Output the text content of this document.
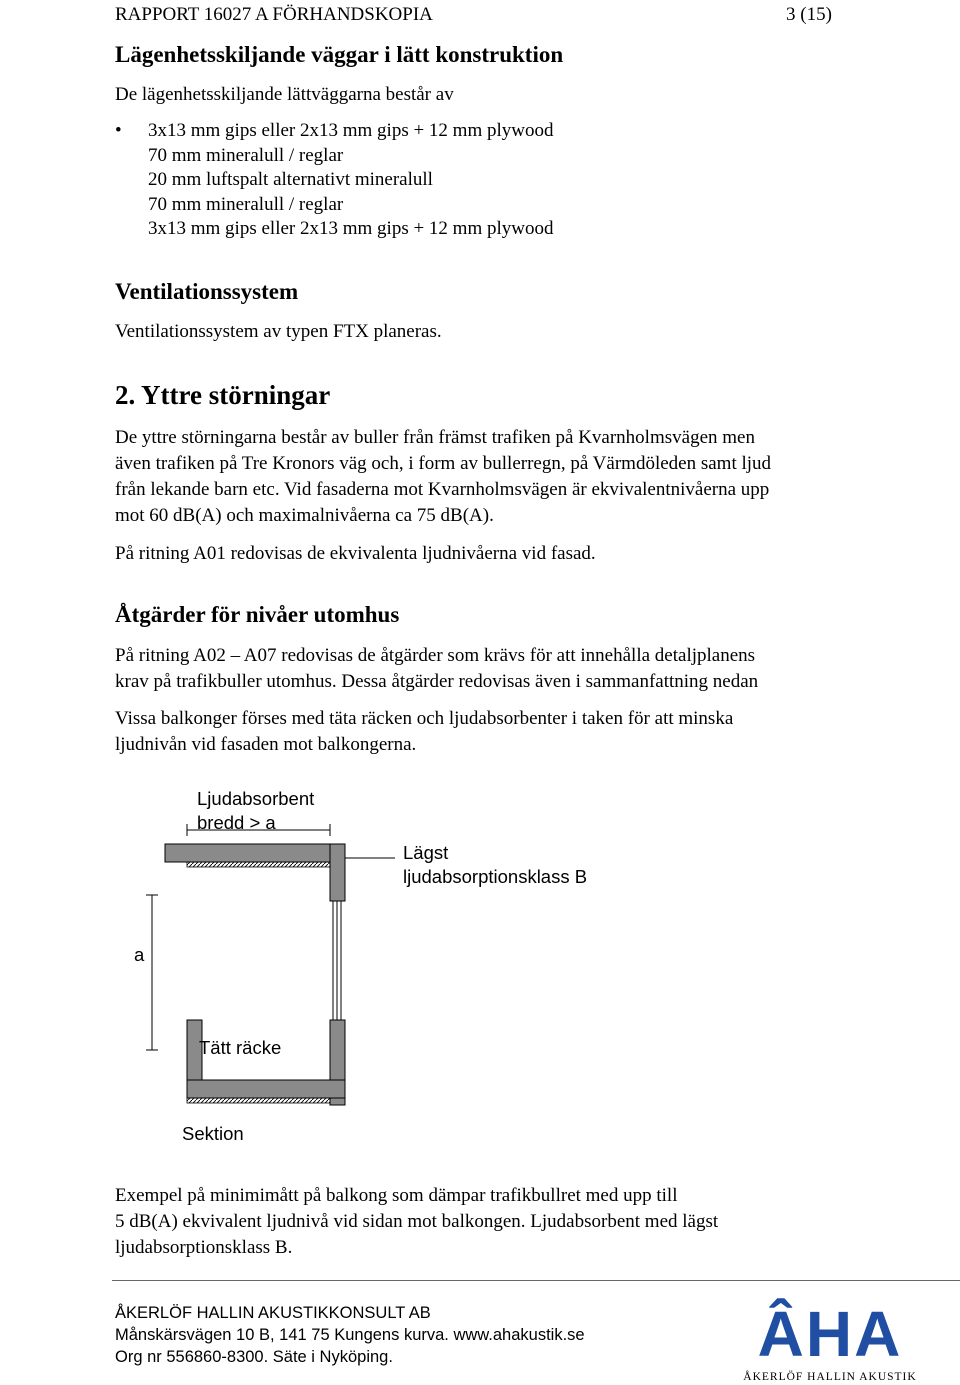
RAPPORT 16027 A FÖRHANDSKOPIA	3 (15)
Lägenhetsskiljande väggar i lätt konstruktion
De lägenhetsskiljande lättväggarna består av
• 3x13 mm gips eller 2x13 mm gips + 12 mm plywood
70 mm mineralull / reglar
20 mm luftspalt alternativt mineralull
70 mm mineralull / reglar
3x13 mm gips eller 2x13 mm gips + 12 mm plywood
Ventilationssystem
Ventilationssystem av typen FTX planeras.
2. Yttre störningar
De yttre störningarna består av buller från främst trafiken på Kvarnholmsvägen men
även trafiken på Tre Kronors väg och, i form av bullerregn, på Värmdöleden samt ljud
från lekande barn etc. Vid fasaderna mot Kvarnholmsvägen är ekvivalentnivåerna upp
mot 60 dB(A) och maximalnivåerna ca 75 dB(A).
På ritning A01 redovisas de ekvivalenta ljudnivåerna vid fasad.
Åtgärder för nivåer utomhus
På ritning A02 – A07 redovisas de åtgärder som krävs för att innehålla detaljplanens
krav på trafikbuller utomhus. Dessa åtgärder redovisas även i sammanfattning nedan
Vissa balkonger förses med täta räcken och ljudabsorbenter i taken för att minska
ljudnivån vid fasaden mot balkongerna.
Ljudabsorbent
bredd > a
Lägst
ljudabsorptionsklass B
a
Tätt räcke
Sektion
Exempel på minimimått på balkong som dämpar trafikbullret med upp till
5 dB(A) ekvivalent ljudnivå vid sidan mot balkongen. Ljudabsorbent med lägst
ljudabsorptionsklass B.
ÅKERLÖF HALLIN AKUSTIKKONSULT AB
Månskärsvägen 10 B, 141 75 Kungens kurva. www.ahakustik.se
Org nr 556860-8300. Säte i Nyköping.	ÂHA
ÅKERLÖF HALLIN AKUSTIK
